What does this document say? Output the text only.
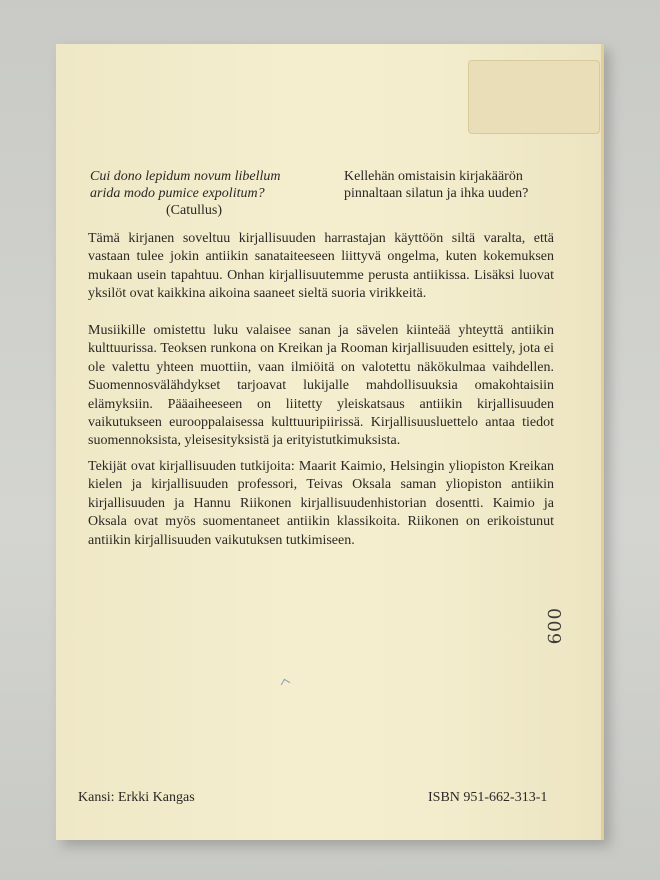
Cui dono lepidum novum libellum
arida modo pumice expolitum?
(Catullus)
Kellehän omistaisin kirjakäärön
pinnaltaan silatun ja ihka uuden?

Tämä kirjanen soveltuu kirjallisuuden harrastajan käyttöön siltä varalta, että vastaan tulee jokin antiikin sanataiteeseen liittyvä ongelma, kuten kokemuksen mukaan usein tapahtuu. Onhan kirjallisuutemme perusta antiikissa. Lisäksi luovat yksilöt ovat kaikkina aikoina saaneet sieltä suoria virikkeitä.

Musiikille omistettu luku valaisee sanan ja sävelen kiinteää yhteyttä antiikin kulttuurissa. Teoksen runkona on Kreikan ja Rooman kirjallisuuden esittely, jota ei ole valettu yhteen muottiin, vaan ilmiöitä on valotettu näkökulmaa vaihdellen. Suomennosvälähdykset tarjoavat lukijalle mahdollisuuksia omakohtaisiin elämyksiin. Pääaiheeseen on liitetty yleiskatsaus antiikin kirjallisuuden vaikutukseen eurooppalaisessa kulttuuripiirissä. Kirjallisuusluettelo antaa tiedot suomennoksista, yleisesityksistä ja erityistutkimuksista.

Tekijät ovat kirjallisuuden tutkijoita: Maarit Kaimio, Helsingin yliopiston Kreikan kielen ja kirjallisuuden professori, Teivas Oksala saman yliopiston antiikin kirjallisuuden ja Hannu Riikonen kirjallisuudenhistorian dosentti. Kaimio ja Oksala ovat myös suomentaneet antiikin klassikoita. Riikonen on erikoistunut antiikin kirjallisuuden vaikutuksen tutkimiseen.

009
Kansi: Erkki Kangas	ISBN 951-662-313-1
